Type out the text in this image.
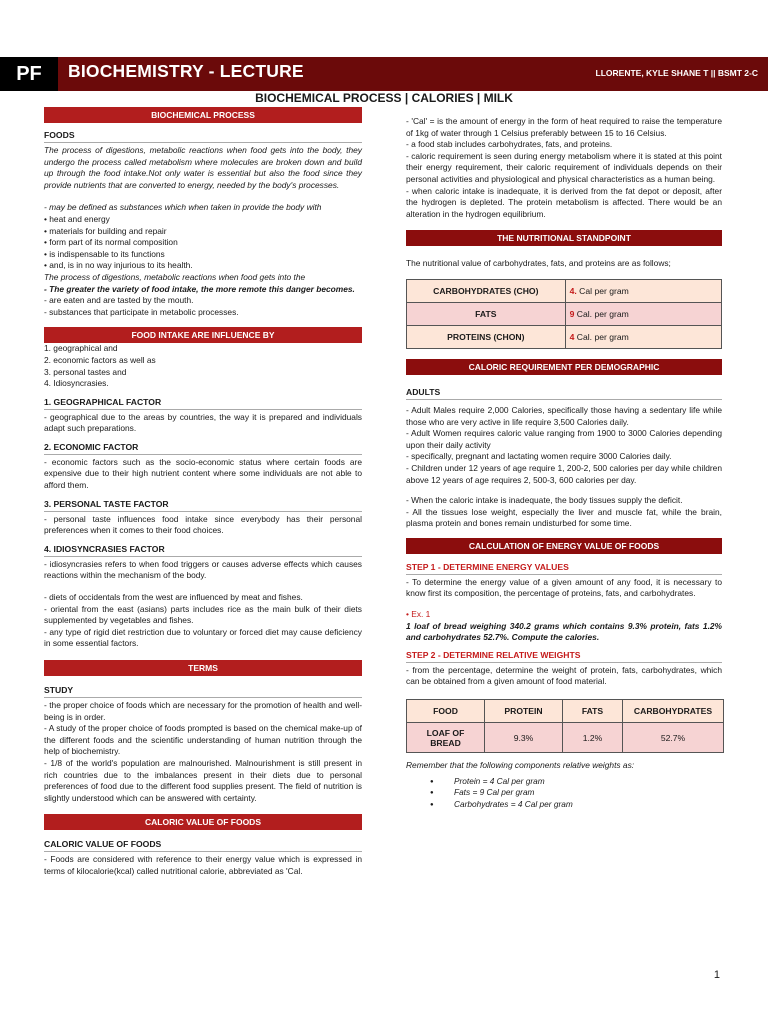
PF	BIOCHEMISTRY - LECTURE	LLORENTE, KYLE SHANE T || BSMT 2-C
BIOCHEMICAL PROCESS | CALORIES | MILK
BIOCHEMICAL PROCESS
FOODS
The process of digestions, metabolic reactions when food gets into the body, they undergo the process called metabolism where molecules are broken down and build up through the food intake.Not only water is essential but also the food since they provide nutrients that are converted to energy, needed by the body's processes.
- may be defined as substances which when taken in provide the body with
• heat and energy
• materials for building and repair
• form part of its normal composition
• is indispensable to its functions
• and, is in no way injurious to its health.
The process of digestions, metabolic reactions when food gets into the
- The greater the variety of food intake, the more remote this danger becomes.
- are eaten and are tasted by the mouth.
- substances that participate in metabolic processes.
FOOD INTAKE ARE INFLUENCE BY
1. geographical and
2. economic factors as well as
3. personal tastes and
4. Idiosyncrasies.
1. GEOGRAPHICAL FACTOR
- geographical due to the areas by countries, the way it is prepared and individuals adapt such preparations.
2. ECONOMIC FACTOR
- economic factors such as the socio-economic status where certain foods are expensive due to their high nutrient content where some individuals are not able to afford them.
3. PERSONAL TASTE FACTOR
- personal taste influences food intake since everybody has their personal preferences when it comes to their food choices.
4. IDIOSYNCRASIES FACTOR
- idiosyncrasies refers to when food triggers or causes adverse effects which causes reactions within the mechanism of the body.
- diets of occidentals from the west are influenced by meat and fishes.
- oriental from the east (asians) parts includes rice as the main bulk of their diets supplemented by vegetables and fishes.
- any type of rigid diet restriction due to voluntary or forced diet may cause deficiency in some essential factors.
TERMS
STUDY
- the proper choice of foods which are necessary for the promotion of health and well-being is in order.
- A study of the proper choice of foods prompted is based on the chemical make-up of the different foods and the scientific understanding of human nutrition through the help of biochemistry.
- 1/8 of the world's population are malnourished. Malnourishment is still present in rich countries due to the imbalances present in their diets due to personal preferences of food due to the different food supplies present. The field of nutrition is slightly understood which can be answered with certainty.
CALORIC VALUE OF FOODS
CALORIC VALUE OF FOODS
- Foods are considered with reference to their energy value which is expressed in terms of kilocalorie(kcal) called nutritional calorie, abbreviated as 'Cal.
- 'Cal' = is the amount of energy in the form of heat required to raise the temperature of 1kg of water through 1 Celsius preferably between 15 to 16 Celsius.
- a food stab includes carbohydrates, fats, and proteins.
- caloric requirement is seen during energy metabolism where it is stated at this point their energy requirement, their caloric requirement of individuals depends on their personal activities and physiological and physical characteristics as a human being.
- when caloric intake is inadequate, it is derived from the fat depot or deposit, after the hydrogen is depleted. The protein metabolism is affected. There would be an alteration in the hydrogen equilibrium.
THE NUTRITIONAL STANDPOINT
The nutritional value of carbohydrates, fats, and proteins are as follows;
CARBOHYDRATES (CHO)	4. Cal per gram
FATS	9 Cal. per gram
PROTEINS (CHON)	4 Cal. per gram
CALORIC REQUIREMENT PER DEMOGRAPHIC
ADULTS
- Adult Males require 2,000 Calories, specifically those having a sedentary life while those who are very active in life require 3,500 Calories daily.
- Adult Women requires caloric value ranging from 1900 to 3000 Calories depending upon their daily activity
- specifically, pregnant and lactating women require 3000 Calories daily.
- Children under 12 years of age require 1, 200-2, 500 calories per day while children above 12 years of age requires 2, 500-3, 600 calories per day.
- When the caloric intake is inadequate, the body tissues supply the deficit.
- All the tissues lose weight, especially the liver and muscle fat, while the brain, plasma protein and bones remain undisturbed for some time.
CALCULATION OF ENERGY VALUE OF FOODS
STEP 1 - DETERMINE ENERGY VALUES
- To determine the energy value of a given amount of any food, it is necessary to know first its composition, the percentage of proteins, fats, and carbohydrates.
• Ex. 1
1 loaf of bread weighing 340.2 grams which contains 9.3% protein, fats 1.2% and carbohydrates 52.7%. Compute the calories.
STEP 2 - DETERMINE RELATIVE WEIGHTS
- from the percentage, determine the weight of protein, fats, carbohydrates, which can be obtained from a given amount of food material.
FOOD	PROTEIN	FATS	CARBOHYDRATES
LOAF OF BREAD	9.3%	1.2%	52.7%
Remember that the following components relative weights as:
● Protein = 4 Cal per gram
● Fats = 9 Cal per gram
● Carbohydrates = 4 Cal per gram
1
